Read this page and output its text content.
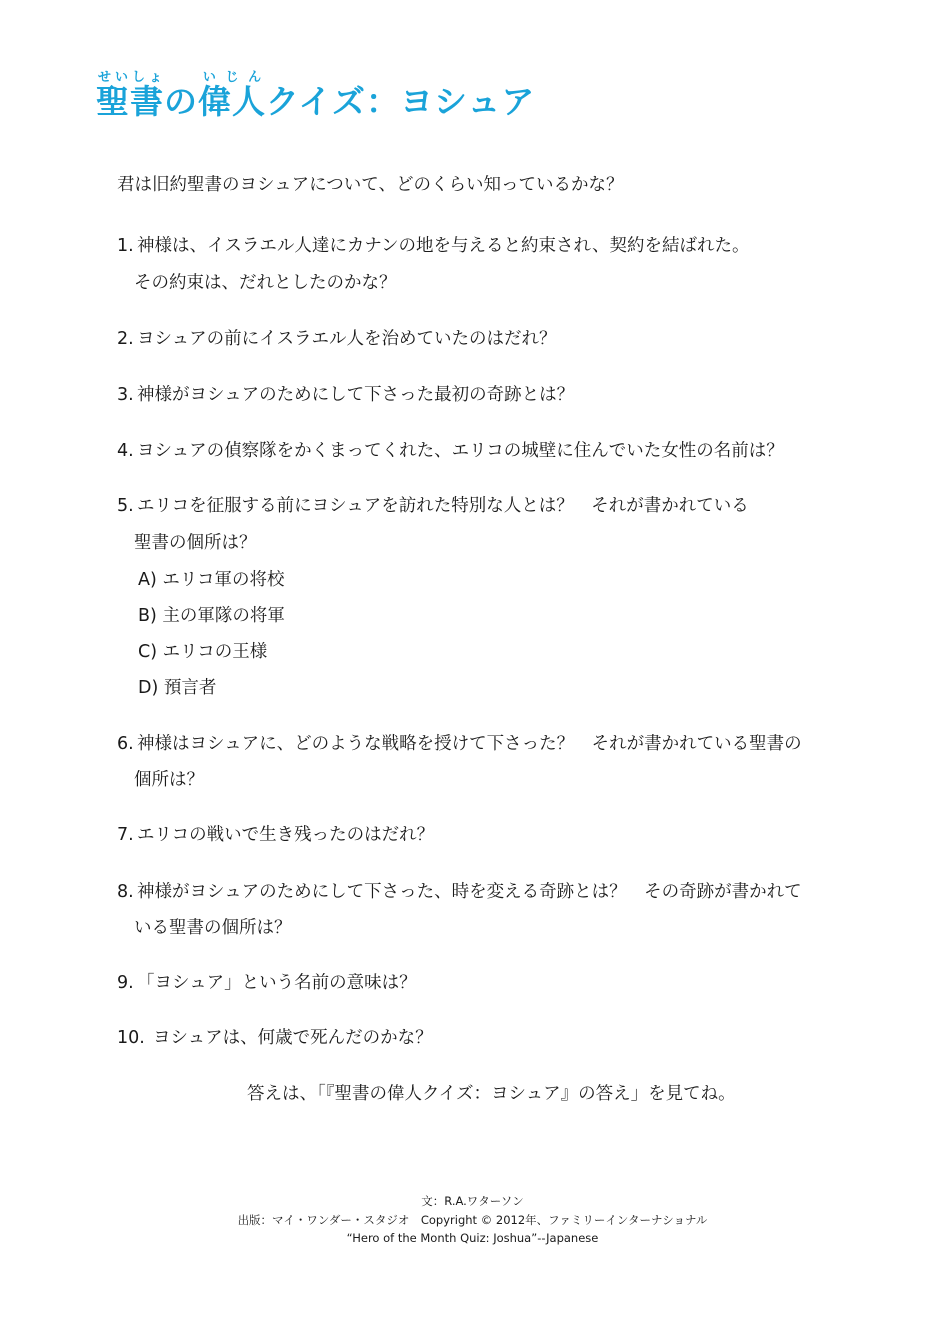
聖書せいしょの偉人いじんクイズ：ヨシュア
君は旧約聖書のヨシュアについて、どのくらい知っているかな？
1. 神様は、イスラエル人達にカナンの地を与えると約束され、契約を結ばれた。
その約束は、だれとしたのかな？
2. ヨシュアの前にイスラエル人を治めていたのはだれ？
3. 神様がヨシュアのためにして下さった最初の奇跡とは？
4. ヨシュアの偵察隊をかくまってくれた、エリコの城壁に住んでいた女性の名前は？
5. エリコを征服する前にヨシュアを訪れた特別な人とは？　それが書かれている
聖書の個所は？
A) エリコ軍の将校
B) 主の軍隊の将軍
C) エリコの王様
D) 預言者
6. 神様はヨシュアに、どのような戦略を授けて下さった？　それが書かれている聖書の
個所は？
7. エリコの戦いで生き残ったのはだれ？
8. 神様がヨシュアのためにして下さった、時を変える奇跡とは？　その奇跡が書かれて
いる聖書の個所は？
9. 「ヨシュア」という名前の意味は？
10. ヨシュアは、何歳で死んだのかな？
答えは、「『聖書の偉人クイズ：ヨシュア』の答え」を見てね。
文：R.A.ワターソン
出版：マイ・ワンダー・スタジオ　Copyright © 2012年、ファミリーインターナショナル
“Hero of the Month Quiz: Joshua”--Japanese
